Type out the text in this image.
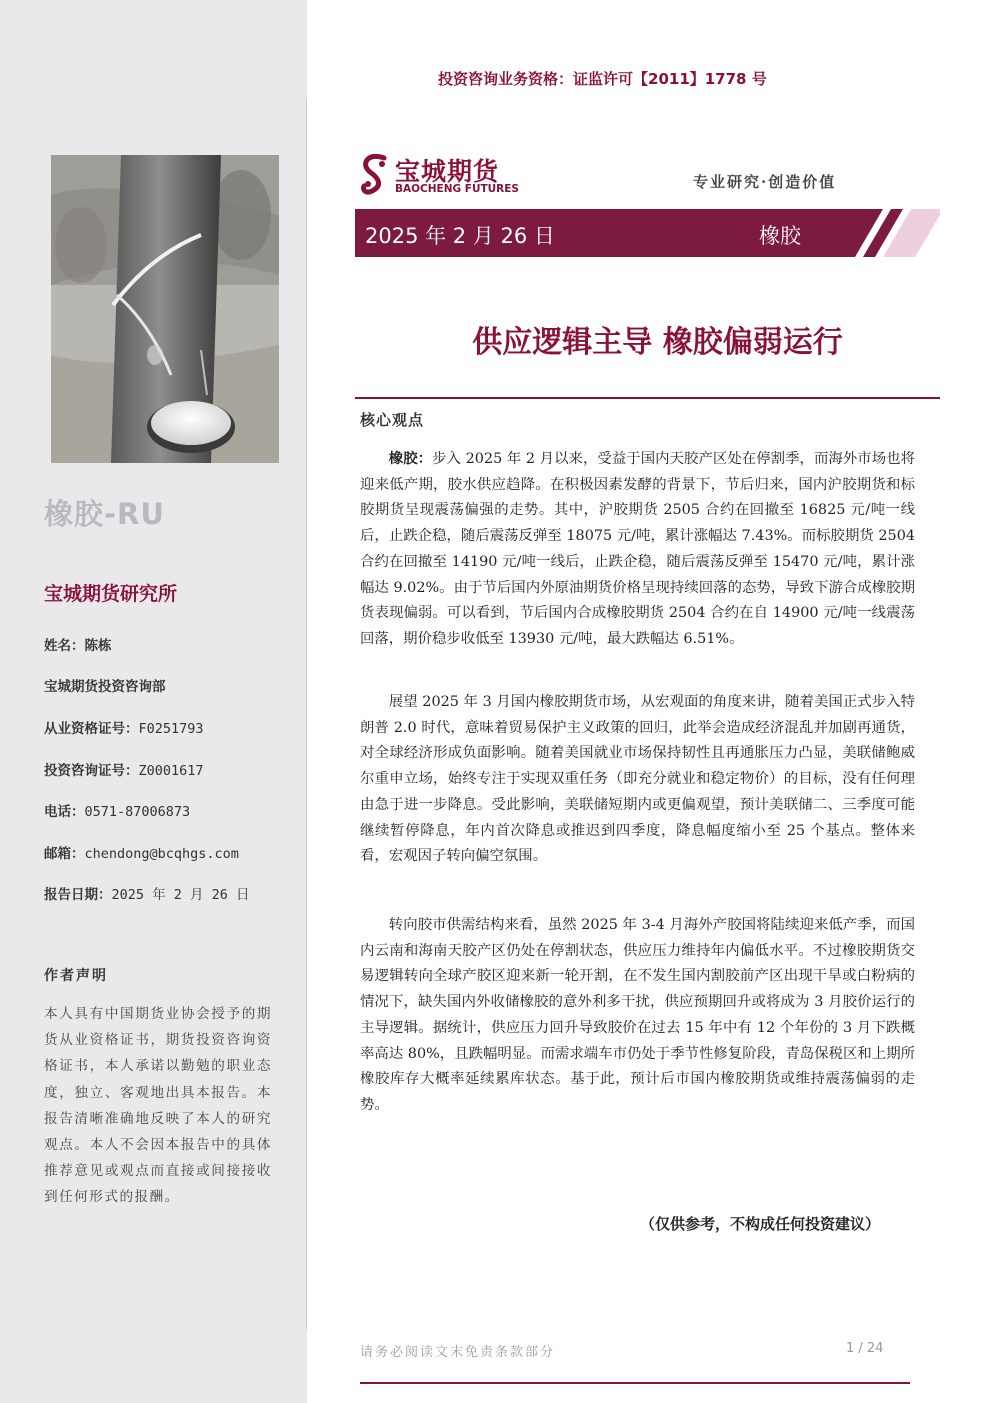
橡胶-RU
宝城期货研究所
姓名：陈栋
宝城期货投资咨询部
从业资格证号：F0251793
投资咨询证号：Z0001617
电话：0571-87006873
邮箱：chendong@bcqhgs.com
报告日期：2025 年 2 月 26 日
作者声明
本人具有中国期货业协会授予的期货从业资格证书，期货投资咨询资格证书，本人承诺以勤勉的职业态度，独立、客观地出具本报告。本报告清晰准确地反映了本人的研究观点。本人不会因本报告中的具体推荐意见或观点而直接或间接接收到任何形式的报酬。
投资咨询业务资格：证监许可【2011】1778 号
宝城期货
BAOCHENG FUTURES	专业研究·创造价值
2025 年 2 月 26 日	橡胶
供应逻辑主导 橡胶偏弱运行
核心观点
橡胶：步入 2025 年 2 月以来，受益于国内天胶产区处在停割季，而海外市场也将迎来低产期，胶水供应趋降。在积极因素发酵的背景下，节后归来，国内沪胶期货和标胶期货呈现震荡偏强的走势。其中，沪胶期货 2505 合约在回撤至 16825 元/吨一线后，止跌企稳，随后震荡反弹至 18075 元/吨，累计涨幅达 7.43%。而标胶期货 2504 合约在回撤至 14190 元/吨一线后，止跌企稳，随后震荡反弹至 15470 元/吨，累计涨幅达 9.02%。由于节后国内外原油期货价格呈现持续回落的态势，导致下游合成橡胶期货表现偏弱。可以看到，节后国内合成橡胶期货 2504 合约在自 14900 元/吨一线震荡回落，期价稳步收低至 13930 元/吨，最大跌幅达 6.51%。
展望 2025 年 3 月国内橡胶期货市场，从宏观面的角度来讲，随着美国正式步入特朗普 2.0 时代，意味着贸易保护主义政策的回归，此举会造成经济混乱并加剧再通货，对全球经济形成负面影响。随着美国就业市场保持韧性且再通胀压力凸显，美联储鲍威尔重申立场，始终专注于实现双重任务（即充分就业和稳定物价）的目标，没有任何理由急于进一步降息。受此影响，美联储短期内或更偏观望，预计美联储二、三季度可能继续暂停降息，年内首次降息或推迟到四季度，降息幅度缩小至 25 个基点。整体来看，宏观因子转向偏空氛围。
转向胶市供需结构来看，虽然 2025 年 3-4 月海外产胶国将陆续迎来低产季，而国内云南和海南天胶产区仍处在停割状态，供应压力维持年内偏低水平。不过橡胶期货交易逻辑转向全球产胶区迎来新一轮开割，在不发生国内割胶前产区出现干旱或白粉病的情况下，缺失国内外收储橡胶的意外利多干扰，供应预期回升或将成为 3 月胶价运行的主导逻辑。据统计，供应压力回升导致胶价在过去 15 年中有 12 个年份的 3 月下跌概率高达 80%，且跌幅明显。而需求端车市仍处于季节性修复阶段，青岛保税区和上期所橡胶库存大概率延续累库状态。基于此，预计后市国内橡胶期货或维持震荡偏弱的走势。
（仅供参考，不构成任何投资建议）
请务必阅读文末免责条款部分	1 / 24
